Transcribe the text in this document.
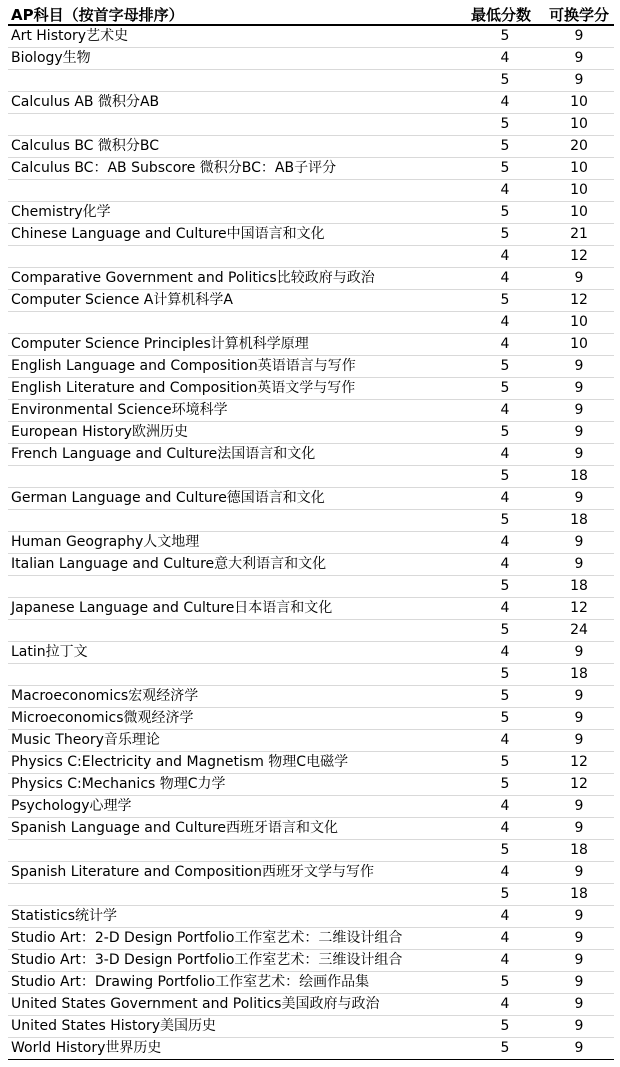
AP科目（按首字母排序）	最低分数	可换学分
Art History艺术史	5	9
Biology生物	4	9
	5	9
Calculus AB 微积分AB	4	10
	5	10
Calculus BC 微积分BC	5	20
Calculus BC：AB Subscore 微积分BC：AB子评分	5	10
	4	10
Chemistry化学	5	10
Chinese Language and Culture中国语言和文化	5	21
	4	12
Comparative Government and Politics比较政府与政治	4	9
Computer Science A计算机科学A	5	12
	4	10
Computer Science Principles计算机科学原理	4	10
English Language and Composition英语语言与写作	5	9
English Literature and Composition英语文学与写作	5	9
Environmental Science环境科学	4	9
European History欧洲历史	5	9
French Language and Culture法国语言和文化	4	9
	5	18
German Language and Culture德国语言和文化	4	9
	5	18
Human Geography人文地理	4	9
Italian Language and Culture意大利语言和文化	4	9
	5	18
Japanese Language and Culture日本语言和文化	4	12
	5	24
Latin拉丁文	4	9
	5	18
Macroeconomics宏观经济学	5	9
Microeconomics微观经济学	5	9
Music Theory音乐理论	4	9
Physics C:Electricity and Magnetism 物理C电磁学	5	12
Physics C:Mechanics 物理C力学	5	12
Psychology心理学	4	9
Spanish Language and Culture西班牙语言和文化	4	9
	5	18
Spanish Literature and Composition西班牙文学与写作	4	9
	5	18
Statistics统计学	4	9
Studio Art：2-D Design Portfolio工作室艺术：二维设计组合	4	9
Studio Art：3-D Design Portfolio工作室艺术：三维设计组合	4	9
Studio Art：Drawing Portfolio工作室艺术：绘画作品集	5	9
United States Government and Politics美国政府与政治	4	9
United States History美国历史	5	9
World History世界历史	5	9
